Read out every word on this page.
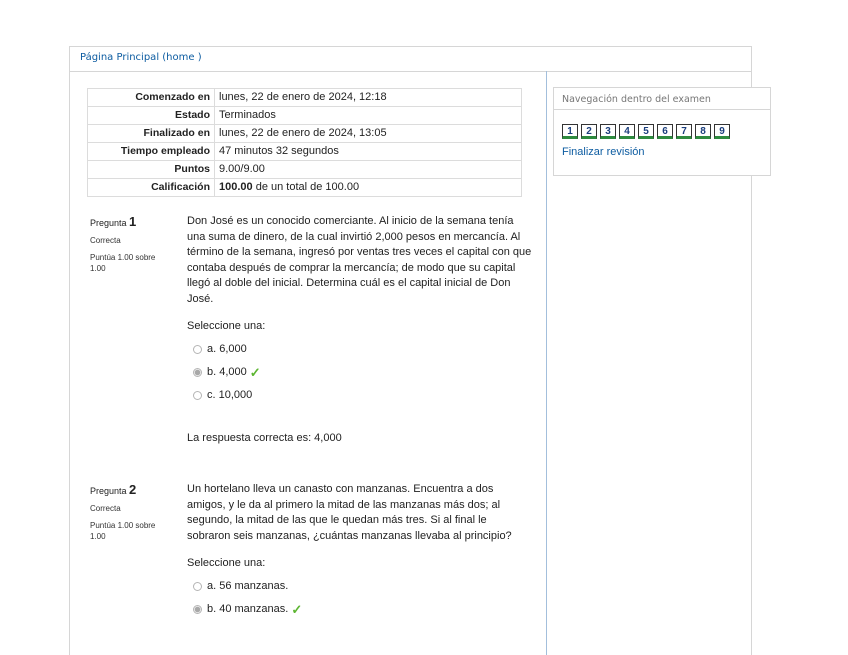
Página Principal (home )
Comenzado en	lunes, 22 de enero de 2024, 12:18
Estado	Terminados
Finalizado en	lunes, 22 de enero de 2024, 13:05
Tiempo empleado	47 minutos 32 segundos
Puntos	9.00/9.00
Calificación	100.00 de un total de 100.00
Pregunta 1
Correcta
Puntúa 1.00 sobre 1.00

Don José es un conocido comerciante. Al inicio de la semana tenía una suma de dinero, de la cual invirtió 2,000 pesos en mercancía. Al término de la semana, ingresó por ventas tres veces el capital con que contaba después de comprar la mercancía; de modo que su capital llegó al doble del inicial. Determina cuál es el capital inicial de Don José.

Seleccione una:
a. 6,000
b. 4,000 ✓
c. 10,000
La respuesta correcta es: 4,000
Pregunta 2
Correcta
Puntúa 1.00 sobre 1.00

Un hortelano lleva un canasto con manzanas. Encuentra a dos amigos, y le da al primero la mitad de las manzanas más dos; al segundo, la mitad de las que le quedan más tres. Si al final le sobraron seis manzanas, ¿cuántas manzanas llevaba al principio?

Seleccione una:
a. 56 manzanas.
b. 40 manzanas. ✓
Navegación dentro del examen
1	2	3	4	5	6	7	8	9
Finalizar revisión
